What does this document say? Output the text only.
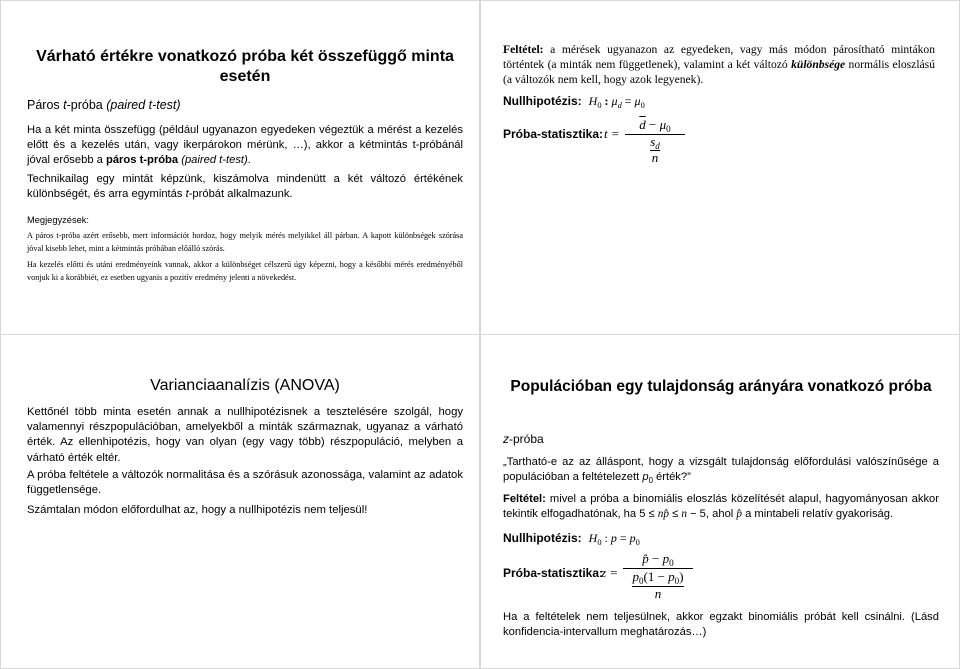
Várható értékre vonatkozó próba két összefüggő minta esetén

Páros t-próba (paired t-test)

Ha a két minta összefügg (például ugyanazon egyedeken végeztük a mérést a kezelés előtt és a kezelés után, vagy ikerpárokon mérünk, …), akkor a kétmintás t-próbánál jóval erősebb a páros t-próba (paired t-test).

Technikailag egy mintát képzünk, kiszámolva mindenütt a két változó értékének különbségét, és arra egymintás t-próbát alkalmazunk.

Megjegyzések:

A páros t-próba azért erősebb, mert információt hordoz, hogy melyik mérés melyikkel áll párban. A kapott különbségek szórása jóval kisebb lehet, mint a kétmintás próbában előálló szórás.

Ha kezelés előtti és utáni eredményeink vannak, akkor a különbséget célszerű úgy képezni, hogy a későbbi mérés eredményéből vonjuk ki a korábbiét, ez esetben ugyanis a pozitív eredmény jelenti a növekedést.

Feltétel: a mérések ugyanazon az egyedeken, vagy más módon párosítható mintákon történtek (a minták nem függetlenek), valamint a két változó különbsége normális eloszlású (a változók nem kell, hogy azok legyenek).

Nullhipotézis: $H_0$ : $\mu_d = \mu_0$
Próba-statisztika: t =
$\overline{d} - \mu_0$
$\frac{s_d}{n}$

Varianciaanalízis (ANOVA)

Kettőnél több minta esetén annak a nullhipotézisnek a tesztelésére szolgál, hogy valamennyi részpopulációban, amelyekből a minták származnak, ugyanaz a várható érték. Az ellenhipotézis, hogy van olyan (egy vagy több) részpopuláció, melyben a várható érték eltér.

A próba feltétele a változók normalitása és a szórásuk azonossága, valamint az adatok függetlensége.

Számtalan módon előfordulhat az, hogy a nullhipotézis nem teljesül!

Populációban egy tulajdonság arányára vonatkozó próba

z-próba

„Tartható-e az az álláspont, hogy a vizsgált tulajdonság előfordulási valószínűsége a populációban a feltételezett $p_0$ érték?”

Feltétel: mivel a próba a binomiális eloszlás közelítését alapul, hagyományosan akkor tekintik elfogadhatónak, ha 5 ≤ np̂ ≤ n − 5, ahol p̂ a mintabeli relatív gyakoriság.

Nullhipotézis: $H_0$ : $p = p_0$
Próba-statisztika:
z =
p̂ − $p_0$
$\frac{p_0(1 - p_0)}{n}$

Ha a feltételek nem teljesülnek, akkor egzakt binomiális próbát kell csinálni. (Lásd konfidencia-intervallum meghatározás…)
